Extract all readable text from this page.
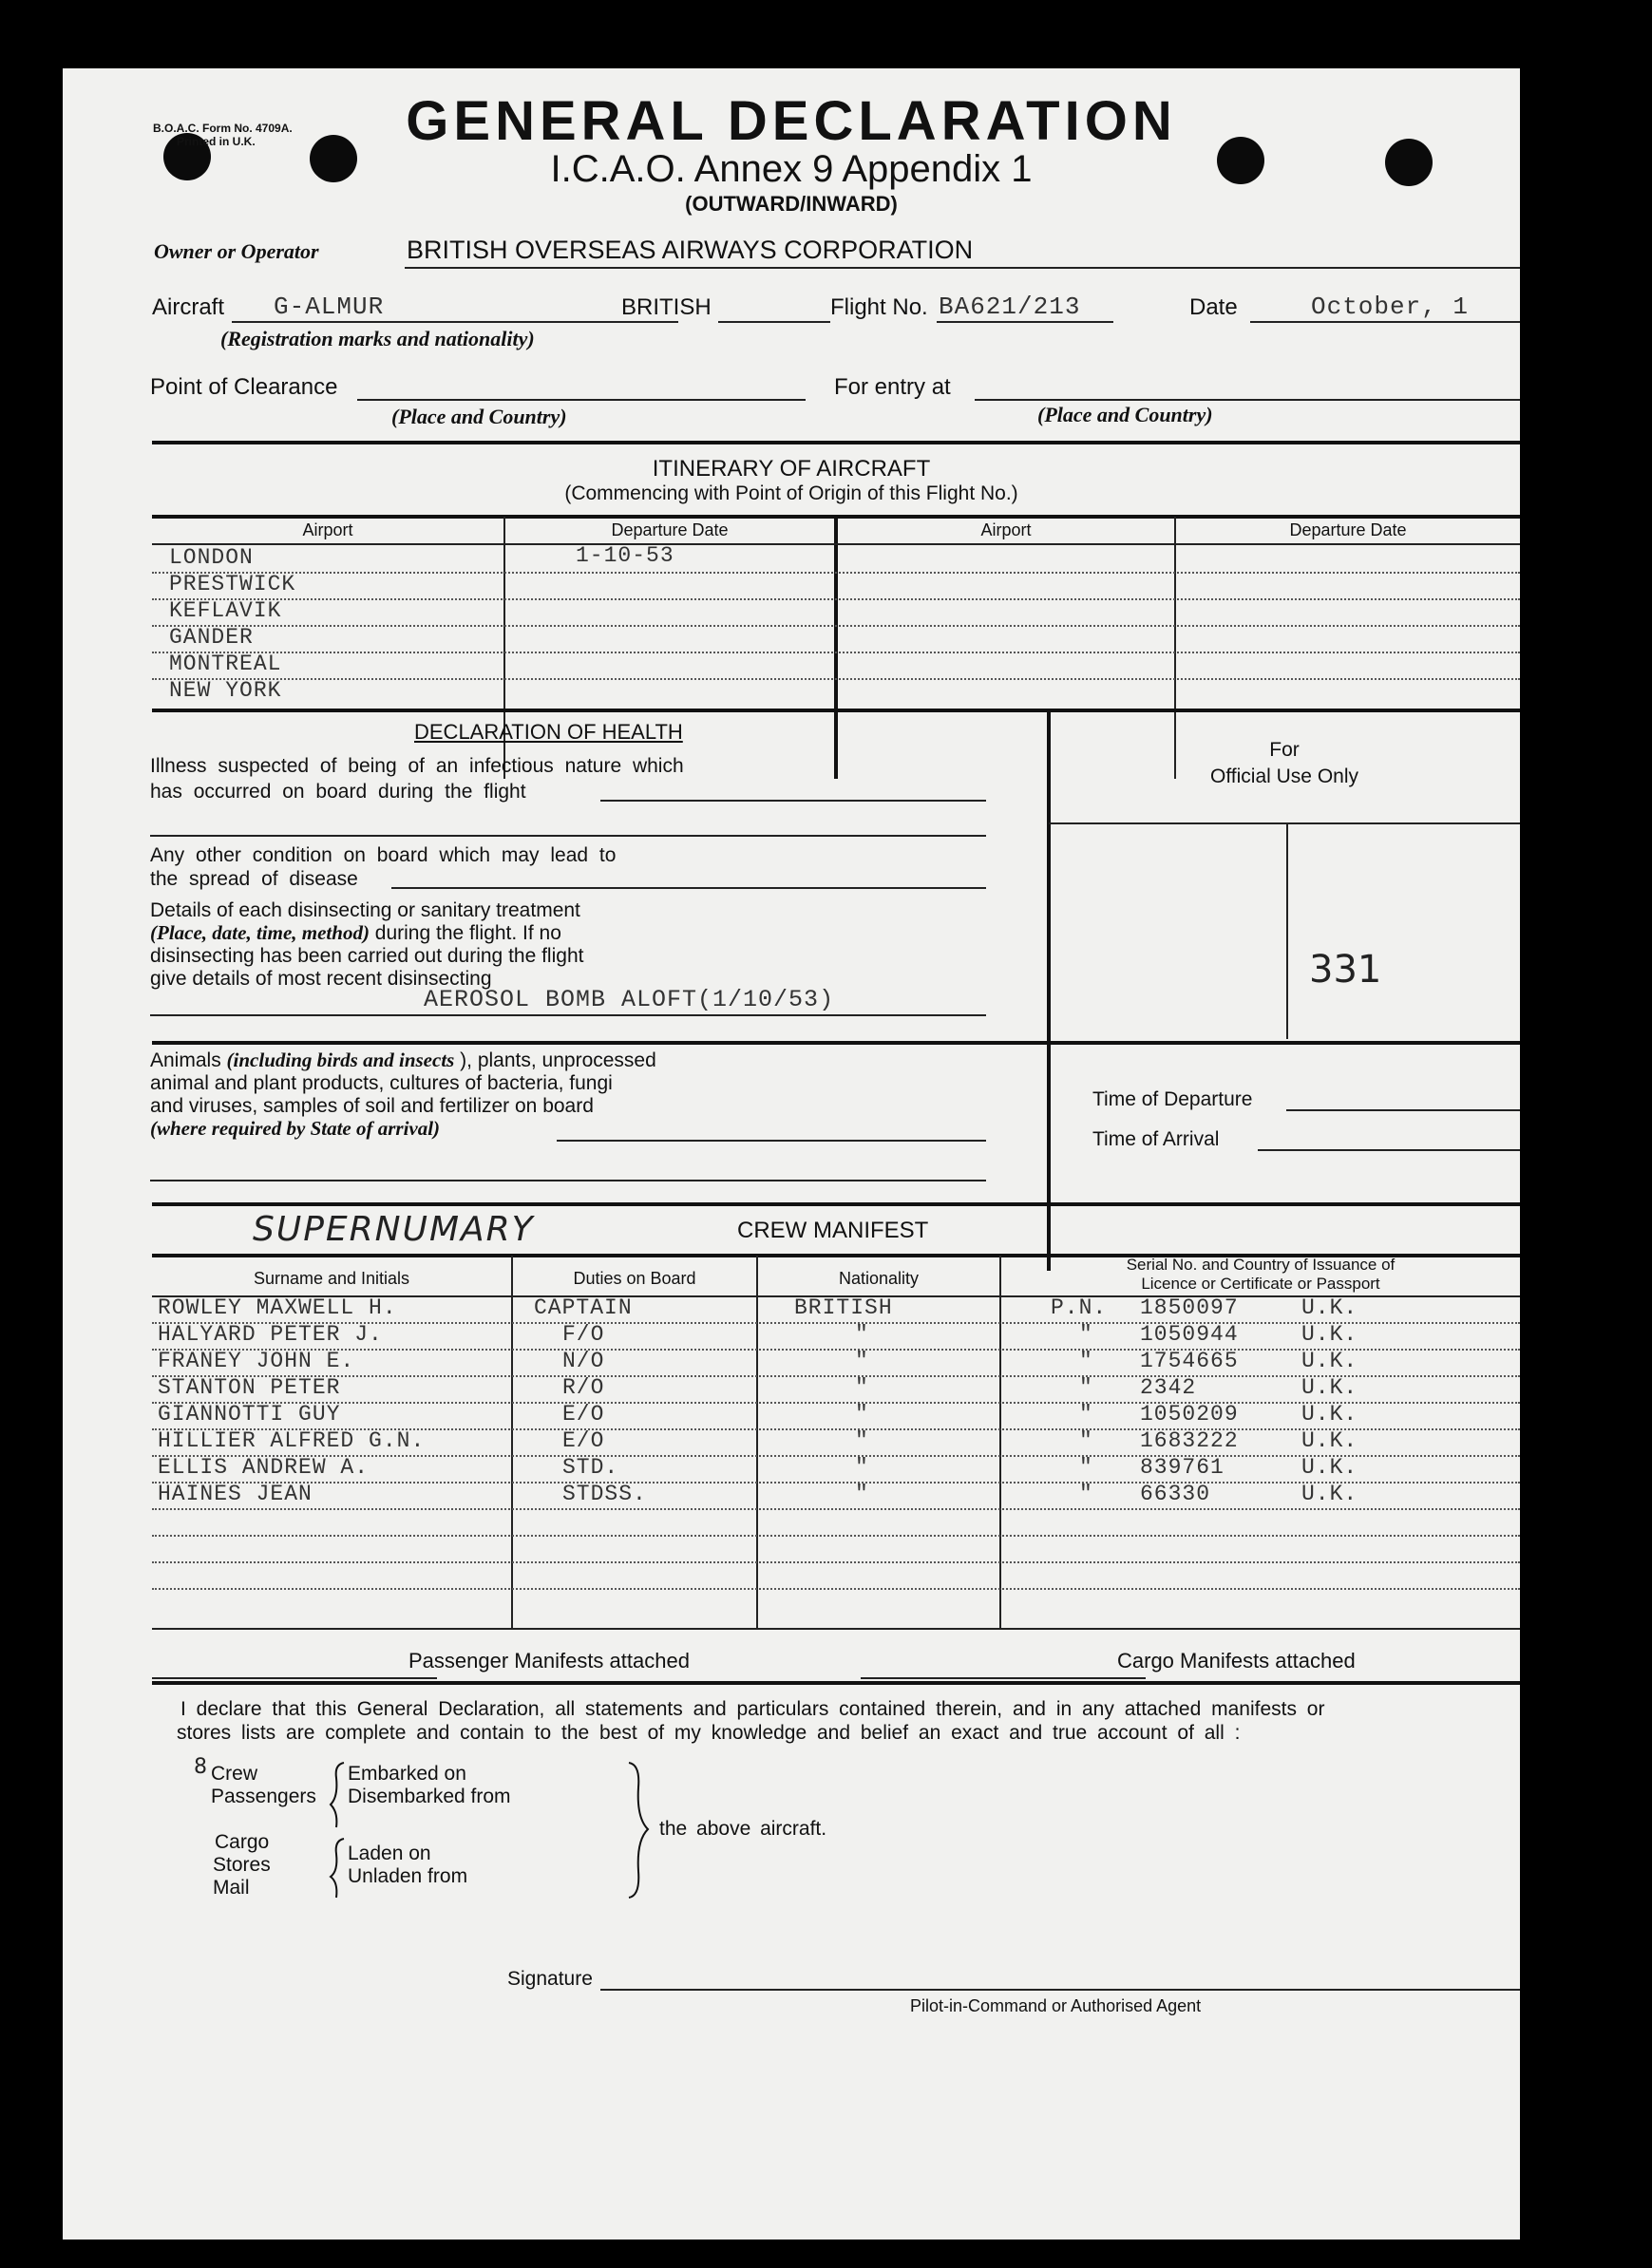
B.O.A.C. Form No. 4709A.
Printed in U.K.	GENERAL DECLARATION
I.C.A.O. Annex 9 Appendix 1
(OUTWARD/INWARD)
Owner or Operator	BRITISH OVERSEAS AIRWAYS CORPORATION
Aircraft G-ALMUR	BRITISH	Flight No. BA621/213	Date	October, 1
(Registration marks and nationality)
Point of Clearance	For entry at
(Place and Country)	(Place and Country)
ITINERARY OF AIRCRAFT
(Commencing with Point of Origin of this Flight No.)
Airport	Departure Date	Airport	Departure Date
LONDON	1-10-53
PRESTWICK
KEFLAVIK
GANDER
MONTREAL
NEW YORK
DECLARATION OF HEALTH
Illness suspected of being of an infectious nature which
has occurred on board during the flight
Any other condition on board which may lead to
the spread of disease
Details of each disinsecting or sanitary treatment
(Place, date, time, method) during the flight. If no
disinsecting has been carried out during the flight
give details of most recent disinsecting
AEROSOL BOMB ALOFT(1/10/53)
Animals (including birds and insects ), plants, unprocessed
animal and plant products, cultures of bacteria, fungi
and viruses, samples of soil and fertilizer on board
(where required by State of arrival)
For
Official Use Only
331
Time of Departure
Time of Arrival
SUPERNUMARY	CREW MANIFEST
Surname and Initials	Duties on Board	Nationality
Serial No. and Country of Issuance of
Licence or Certificate or Passport
ROWLEY MAXWELL H.	CAPTAIN	BRITISH	P.N. 1850097	U.K.
HALYARD PETER J.	F/O	"	" 1050944	U.K.
FRANEY JOHN E.	N/O	"	" 1754665	U.K.
STANTON PETER	R/O	"	" 2342	U.K.
GIANNOTTI GUY	E/O	"	" 1050209	U.K.
HILLIER ALFRED G.N.	E/O	"	" 1683222	U.K.
ELLIS ANDREW A.	STD.	"	" 839761	U.K.
HAINES JEAN	STDSS.	"	" 66330	U.K.
Passenger Manifests attached	Cargo Manifests attached
I declare that this General Declaration, all statements and particulars contained therein, and in any attached manifests or
stores lists are complete and contain to the best of my knowledge and belief an exact and true account of all :
8 Crew
Passengers
Embarked on
Disembarked from
Cargo
Stores
Mail
Laden on
Unladen from
the above aircraft.
Signature
Pilot-in-Command or Authorised Agent
